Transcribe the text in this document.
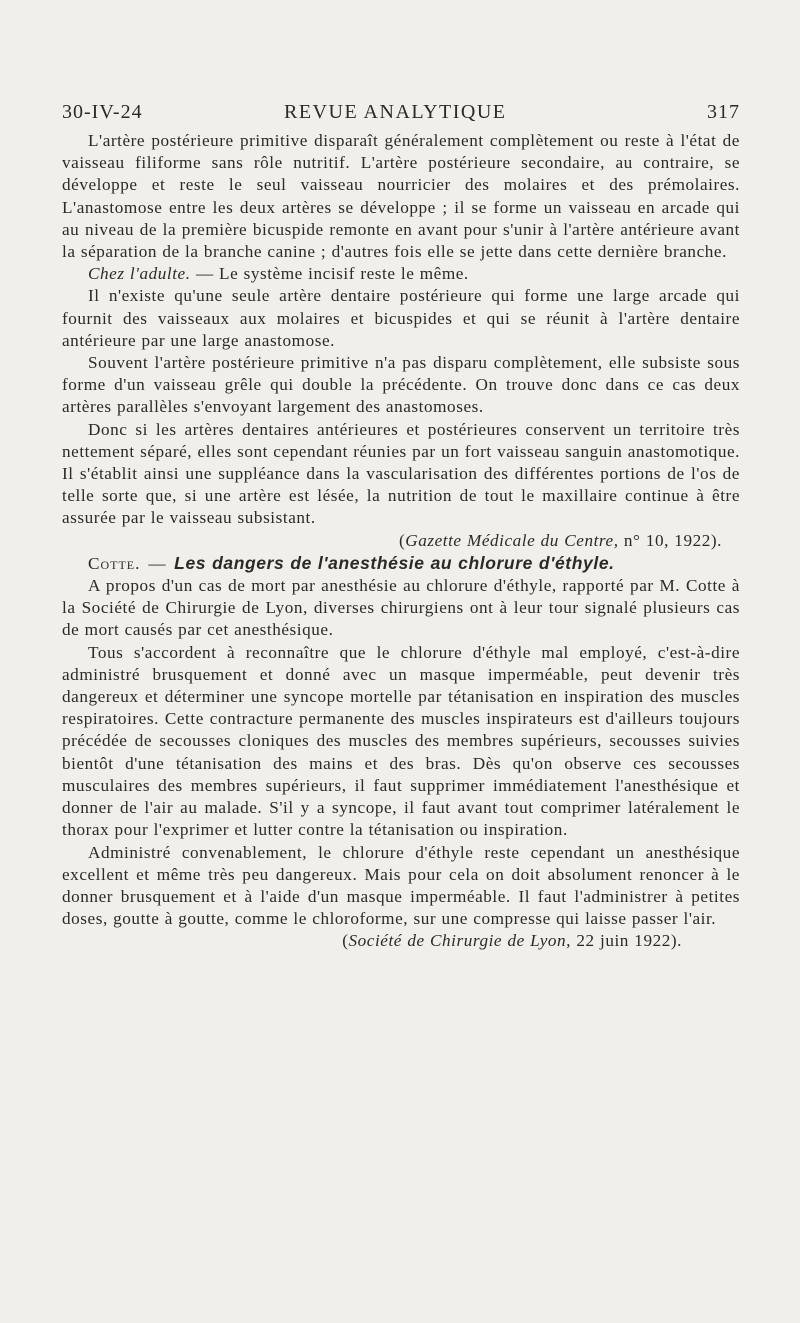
30-IV-24	REVUE ANALYTIQUE	317

L'artère postérieure primitive disparaît généralement complètement ou reste à l'état de vaisseau filiforme sans rôle nutritif. L'artère postérieure secondaire, au contraire, se développe et reste le seul vaisseau nourricier des molaires et des prémolaires. L'anastomose entre les deux artères se développe ; il se forme un vaisseau en arcade qui au niveau de la première bicuspide remonte en avant pour s'unir à l'artère antérieure avant la séparation de la branche canine ; d'autres fois elle se jette dans cette dernière branche.

Chez l'adulte. — Le système incisif reste le même.

Il n'existe qu'une seule artère dentaire postérieure qui forme une large arcade qui fournit des vaisseaux aux molaires et bicuspides et qui se réunit à l'artère dentaire antérieure par une large anastomose.

Souvent l'artère postérieure primitive n'a pas disparu complètement, elle subsiste sous forme d'un vaisseau grêle qui double la précédente. On trouve donc dans ce cas deux artères parallèles s'envoyant largement des anastomoses.

Donc si les artères dentaires antérieures et postérieures conservent un territoire très nettement séparé, elles sont cependant réunies par un fort vaisseau sanguin anastomotique. Il s'établit ainsi une suppléance dans la vascularisation des différentes portions de l'os de telle sorte que, si une artère est lésée, la nutrition de tout le maxillaire continue à être assurée par le vaisseau subsistant.

(Gazette Médicale du Centre, n° 10, 1922).

Cotte. — Les dangers de l'anesthésie au chlorure d'éthyle.

A propos d'un cas de mort par anesthésie au chlorure d'éthyle, rapporté par M. Cotte à la Société de Chirurgie de Lyon, diverses chirurgiens ont à leur tour signalé plusieurs cas de mort causés par cet anesthésique.

Tous s'accordent à reconnaître que le chlorure d'éthyle mal employé, c'est-à-dire administré brusquement et donné avec un masque imperméable, peut devenir très dangereux et déterminer une syncope mortelle par tétanisation en inspiration des muscles respiratoires. Cette contracture permanente des muscles inspirateurs est d'ailleurs toujours précédée de secousses cloniques des muscles des membres supérieurs, secousses suivies bientôt d'une tétanisation des mains et des bras. Dès qu'on observe ces secousses musculaires des membres supérieurs, il faut supprimer immédiatement l'anesthésique et donner de l'air au malade. S'il y a syncope, il faut avant tout comprimer latéralement le thorax pour l'exprimer et lutter contre la tétanisation ou inspiration.

Administré convenablement, le chlorure d'éthyle reste cependant un anesthésique excellent et même très peu dangereux. Mais pour cela on doit absolument renoncer à le donner brusquement et à l'aide d'un masque imperméable. Il faut l'administrer à petites doses, goutte à goutte, comme le chloroforme, sur une compresse qui laisse passer l'air.

(Société de Chirurgie de Lyon, 22 juin 1922).
